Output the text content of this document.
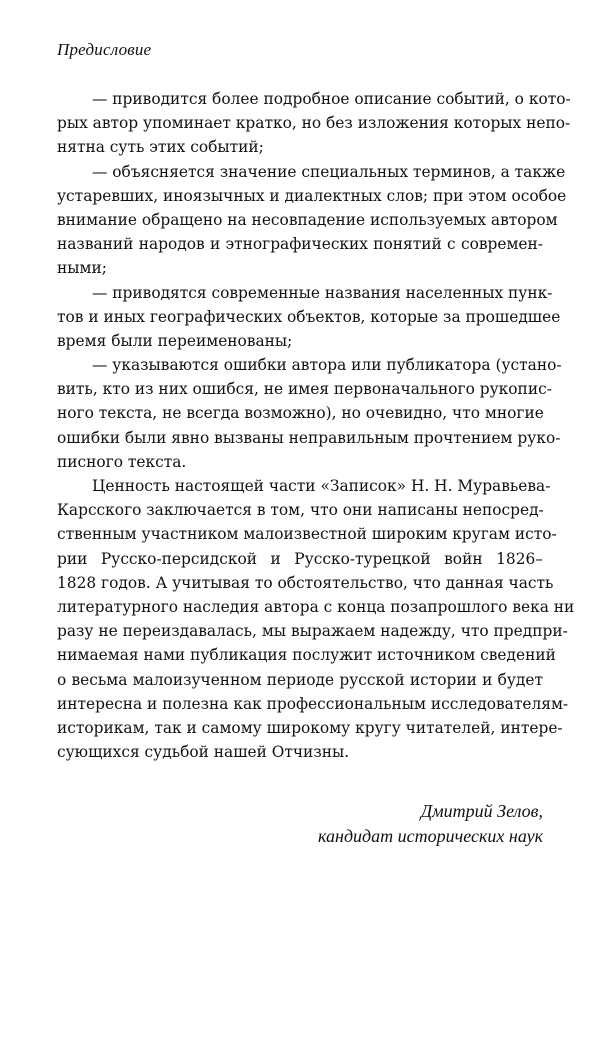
Предисловие
— приводится более подробное описание событий, о кото-
рых автор упоминает кратко, но без изложения которых непо-
нятна суть этих событий;
— объясняется значение специальных терминов, а также
устаревших, иноязычных и диалектных слов; при этом особое
внимание обращено на несовпадение используемых автором
названий народов и этнографических понятий с современ-
ными;
— приводятся современные названия населенных пунк-
тов и иных географических объектов, которые за прошедшее
время были переименованы;
— указываются ошибки автора или публикатора (устано-
вить, кто из них ошибся, не имея первоначального рукопис-
ного текста, не всегда возможно), но очевидно, что многие
ошибки были явно вызваны неправильным прочтением руко-
писного текста.
Ценность настоящей части «Записок» Н. Н. Муравьева-
Карсского заключается в том, что они написаны непосред-
ственным участником малоизвестной широким кругам исто-
рии Русско-персидской и Русско-турецкой войн 1826–
1828 годов. А учитывая то обстоятельство, что данная часть
литературного наследия автора с конца позапрошлого века ни
разу не переиздавалась, мы выражаем надежду, что предпри-
нимаемая нами публикация послужит источником сведений
о весьма малоизученном периоде русской истории и будет
интересна и полезна как профессиональным исследователям-
историкам, так и самому широкому кругу читателей, интере-
сующихся судьбой нашей Отчизны.
Дмитрий Зелов,
кандидат исторических наук
